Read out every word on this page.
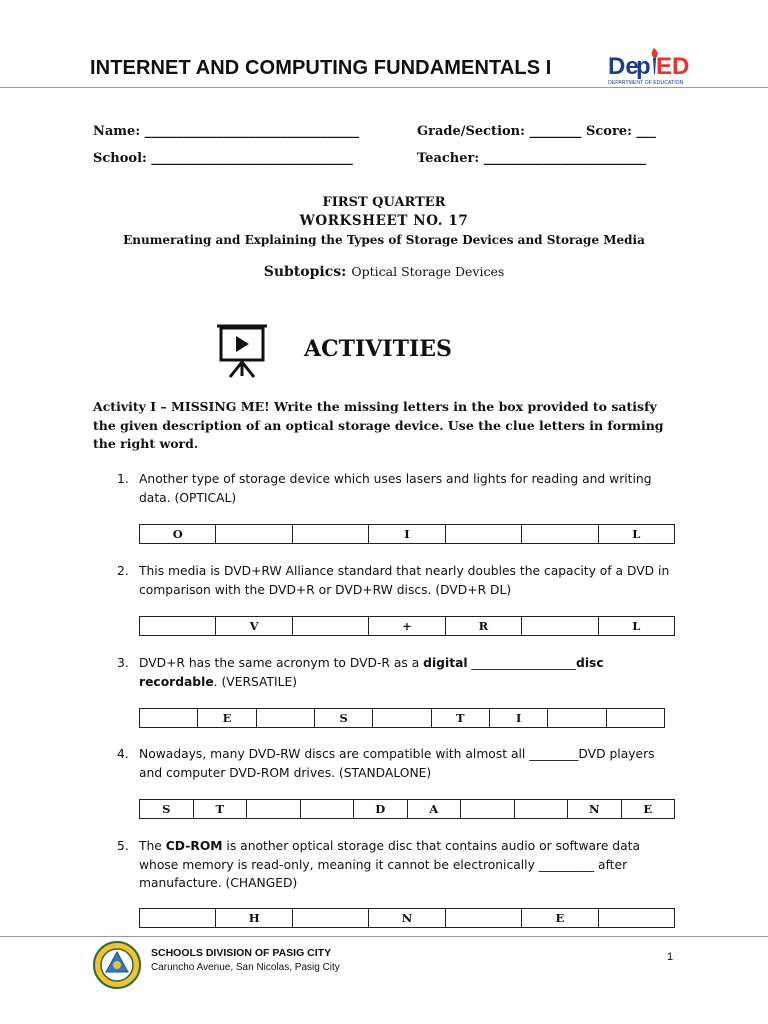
INTERNET AND COMPUTING FUNDAMENTALS I De
p ED
DEPARTMENT OF EDUCATION
Name: _________________________________	Grade/Section: ________ Score: ___
School: _______________________________	Teacher: _________________________
FIRST QUARTER
WORKSHEET NO. 17
Enumerating and Explaining the Types of Storage Devices and Storage Media
Subtopics: Optical Storage Devices
ACTIVITIES
Activity I – MISSING ME! Write the missing letters in the box provided to satisfy the given description of an optical storage device. Use the clue letters in forming the right word.
1. Another type of storage device which uses lasers and lights for reading and writing data. (OPTICAL)
O			I			L
2. This media is DVD+RW Alliance standard that nearly doubles the capacity of a DVD in comparison with the DVD+R or DVD+RW discs. (DVD+R DL)
	V		+	R		L
3. DVD+R has the same acronym to DVD-R as a digital _________________disc recordable. (VERSATILE)
	E		S		T	I		
4. Nowadays, many DVD-RW discs are compatible with almost all ________DVD players and computer DVD-ROM drives. (STANDALONE)
S	T			D	A			N	E
5. The CD-ROM is another optical storage disc that contains audio or software data whose memory is read-only, meaning it cannot be electronically _________ after manufacture. (CHANGED)
	H		N		E	
SCHOOLS DIVISION OF PASIG CITY
Caruncho Avenue, San Nicolas, Pasig City
1
